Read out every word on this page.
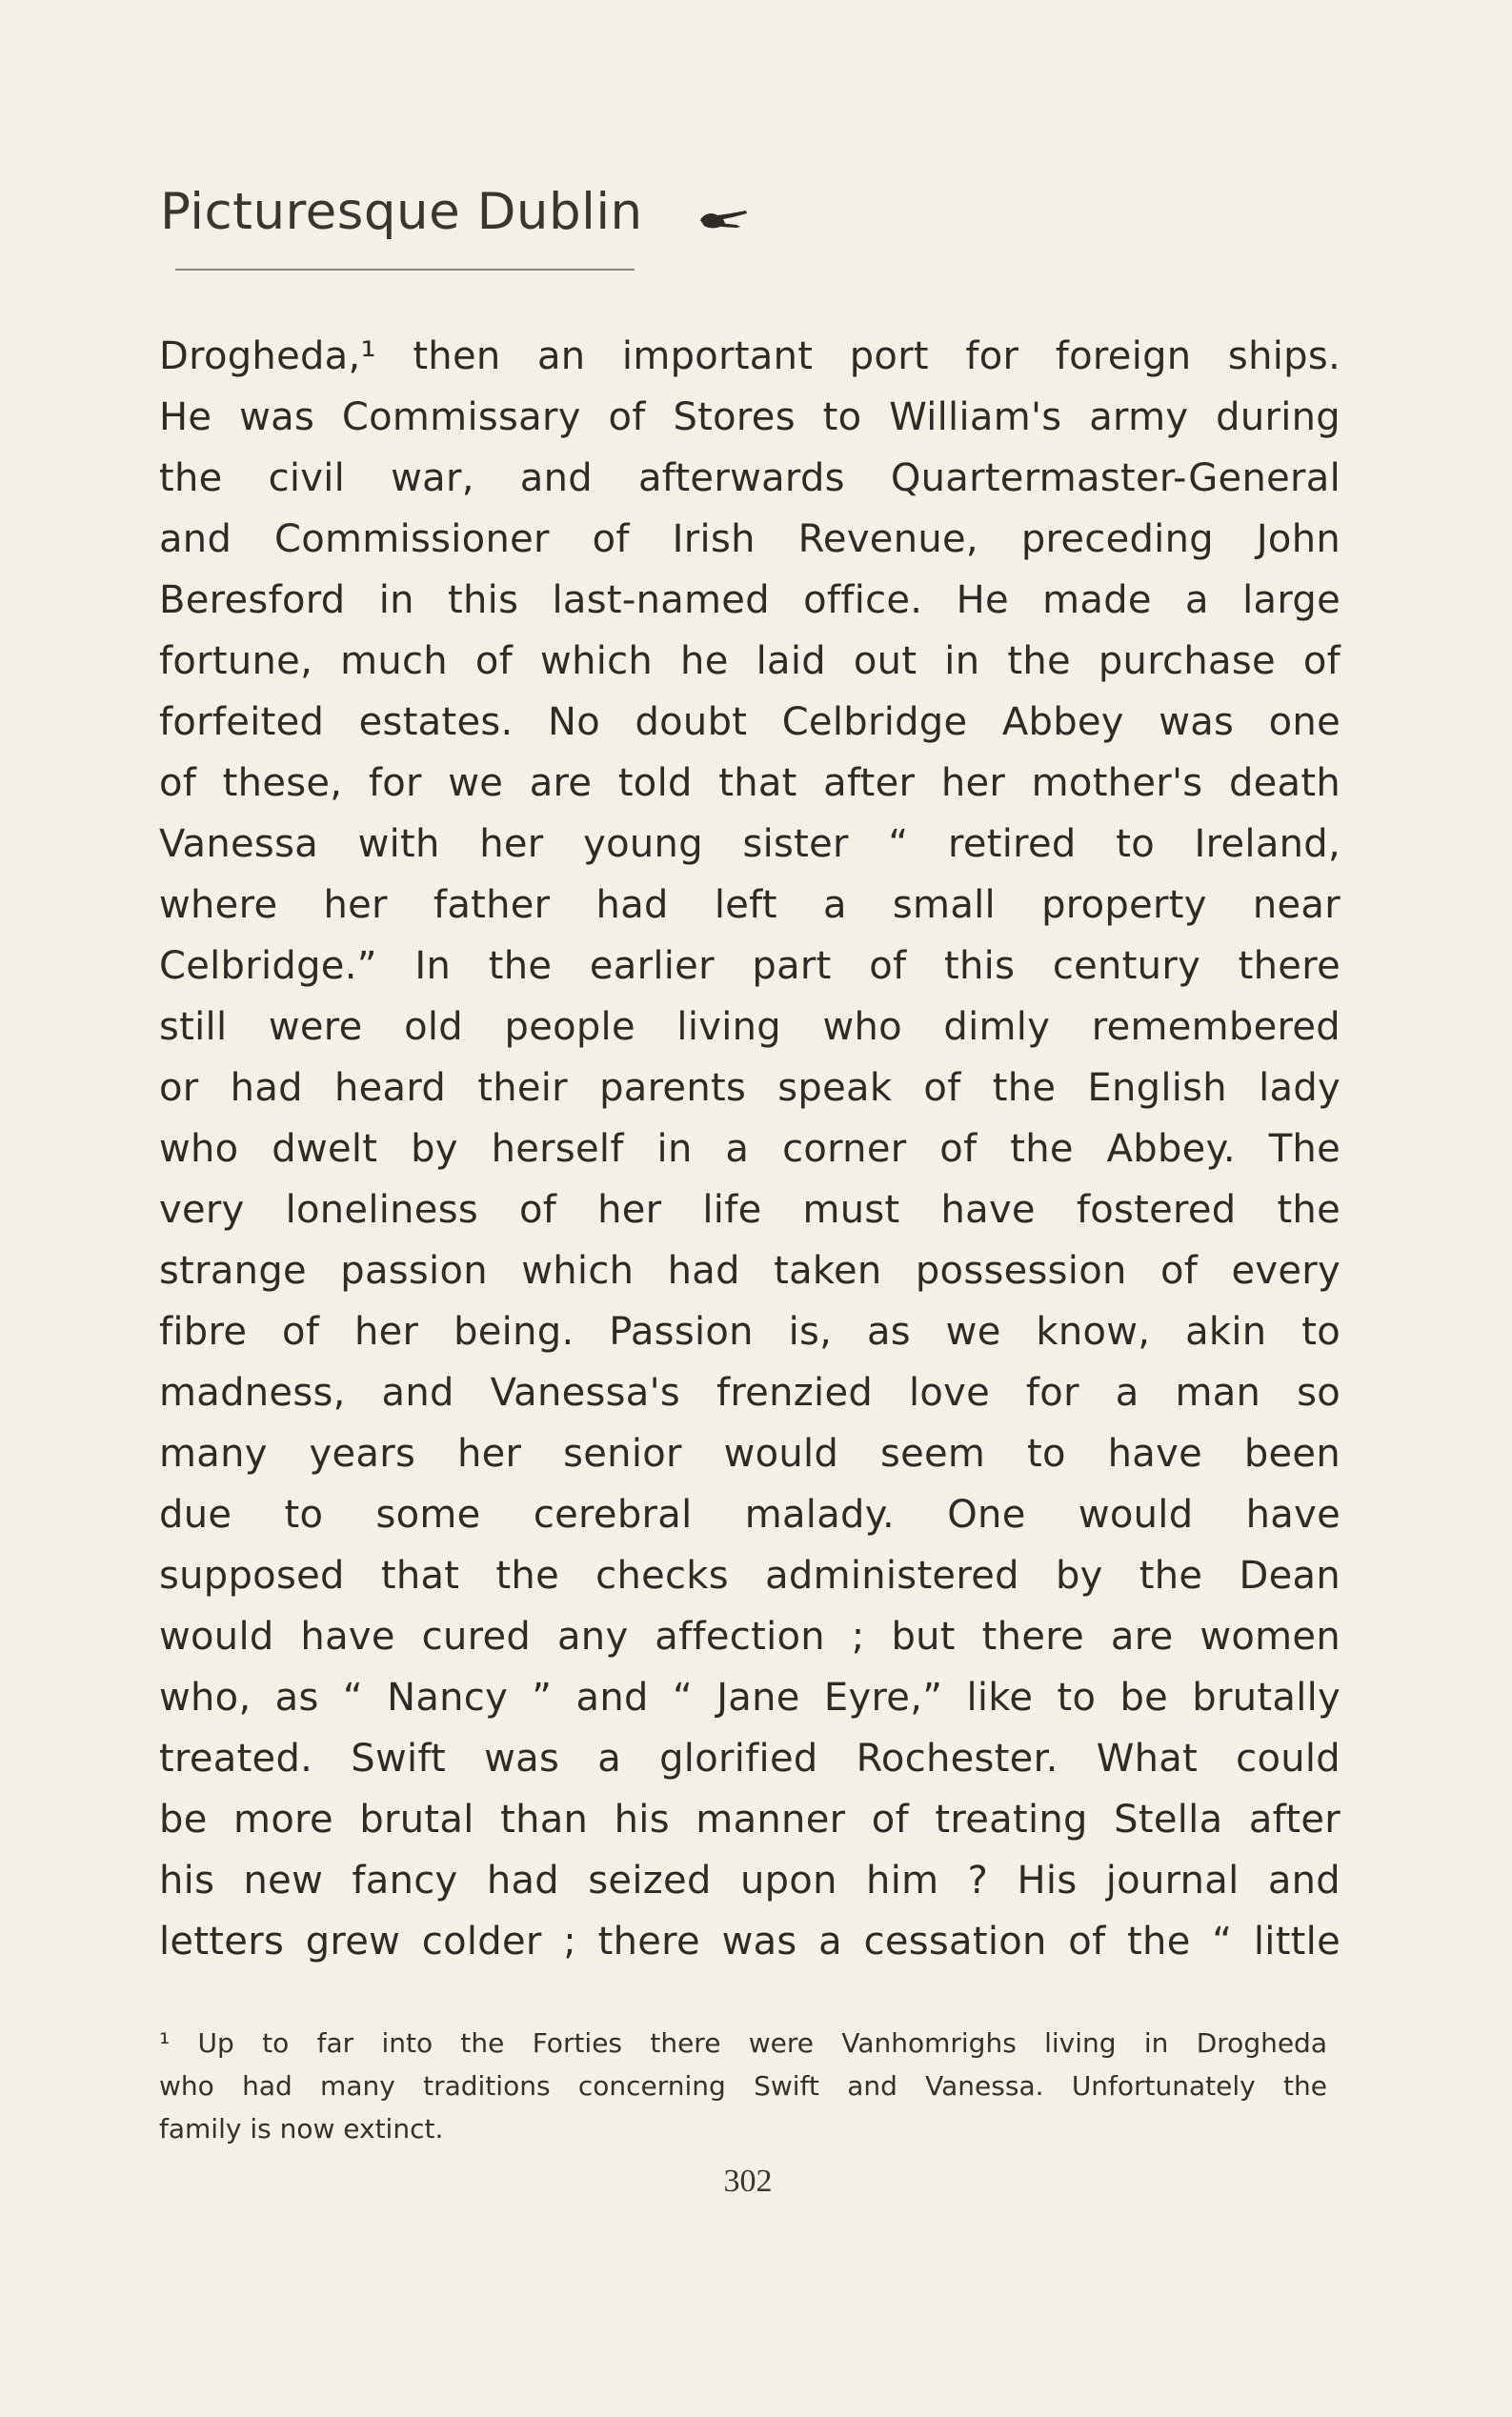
Picturesque Dublin
Drogheda,¹ then an important port for foreign ships.
He was Commissary of Stores to William's army during
the civil war, and afterwards Quartermaster-General
and Commissioner of Irish Revenue, preceding John
Beresford in this last-named office. He made a large
fortune, much of which he laid out in the purchase of
forfeited estates. No doubt Celbridge Abbey was one
of these, for we are told that after her mother's death
Vanessa with her young sister “ retired to Ireland,
where her father had left a small property near
Celbridge.” In the earlier part of this century there
still were old people living who dimly remembered
or had heard their parents speak of the English lady
who dwelt by herself in a corner of the Abbey. The
very loneliness of her life must have fostered the
strange passion which had taken possession of every
fibre of her being. Passion is, as we know, akin to
madness, and Vanessa's frenzied love for a man so
many years her senior would seem to have been
due to some cerebral malady. One would have
supposed that the checks administered by the Dean
would have cured any affection ; but there are women
who, as “ Nancy ” and “ Jane Eyre,” like to be brutally
treated. Swift was a glorified Rochester. What could
be more brutal than his manner of treating Stella after
his new fancy had seized upon him ? His journal and
letters grew colder ; there was a cessation of the “ little
¹ Up to far into the Forties there were Vanhomrighs living in Drogheda
who had many traditions concerning Swift and Vanessa. Unfortunately the
family is now extinct.
302
